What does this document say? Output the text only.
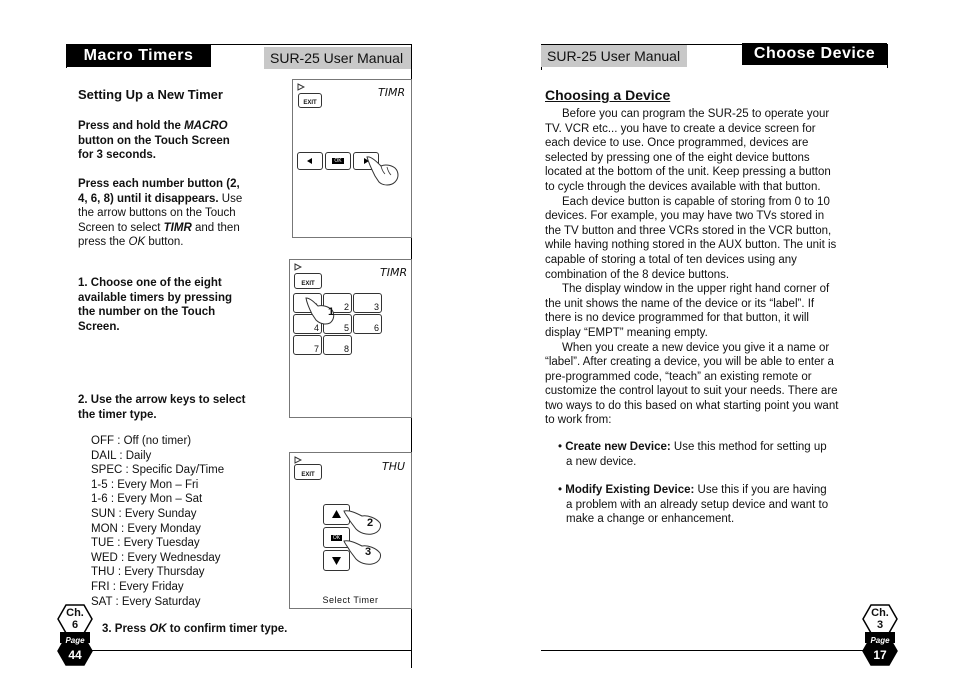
Macro Timers	SUR-25 User Manual
Setting Up a New Timer
Press and hold the MACRO
button on the Touch Screen
for 3 seconds.
Press each number button (2,
4, 6, 8) until it disappears. Use
the arrow buttons on the Touch
Screen to select TIMR and then
press the OK button.
1. Choose one of the eight
available timers by pressing
the number on the Touch
Screen.
2. Use the arrow keys to select
the timer type.

OFF : Off (no timer)

DAIL : Daily

SPEC : Specific Day/Time

1-5 : Every Mon – Fri

1-6 : Every Mon – Sat

SUN : Every Sunday

MON : Every Monday

TUE : Every Tuesday

WED : Every Wednesday

THU : Every Thursday

FRI : Every Friday

SAT : Every Saturday

3. Press OK to confirm timer type.
EXIT
TIMR
OK
EXIT
TIMR
2	3
4	5	6
7	8
1
EXIT
THU
OK
2
3
Select Timer
Ch.
6
Page
44
SUR-25 User Manual	Choose Device
Choosing a Device
Before you can program the SUR-25 to operate your
TV. VCR etc... you have to create a device screen for
each device to use. Once programmed, devices are
selected by pressing one of the eight device buttons
located at the bottom of the unit. Keep pressing a button
to cycle through the devices available with that button.
Each device button is capable of storing from 0 to 10
devices. For example, you may have two TVs stored in
the TV button and three VCRs stored in the VCR button,
while having nothing stored in the AUX button. The unit is
capable of storing a total of ten devices using any
combination of the 8 device buttons.
The display window in the upper right hand corner of
the unit shows the name of the device or its “label”. If
there is no device programmed for that button, it will
display “EMPT” meaning empty.
When you create a new device you give it a name or
“label”. After creating a device, you will be able to enter a
pre-programmed code, “teach” an existing remote or
customize the control layout to suit your needs. There are
two ways to do this based on what starting point you want
to work from:
• Create new Device: Use this method for setting up
a new device.
• Modify Existing Device: Use this if you are having
a problem with an already setup device and want to
make a change or enhancement.
Ch.
3
Page
17
